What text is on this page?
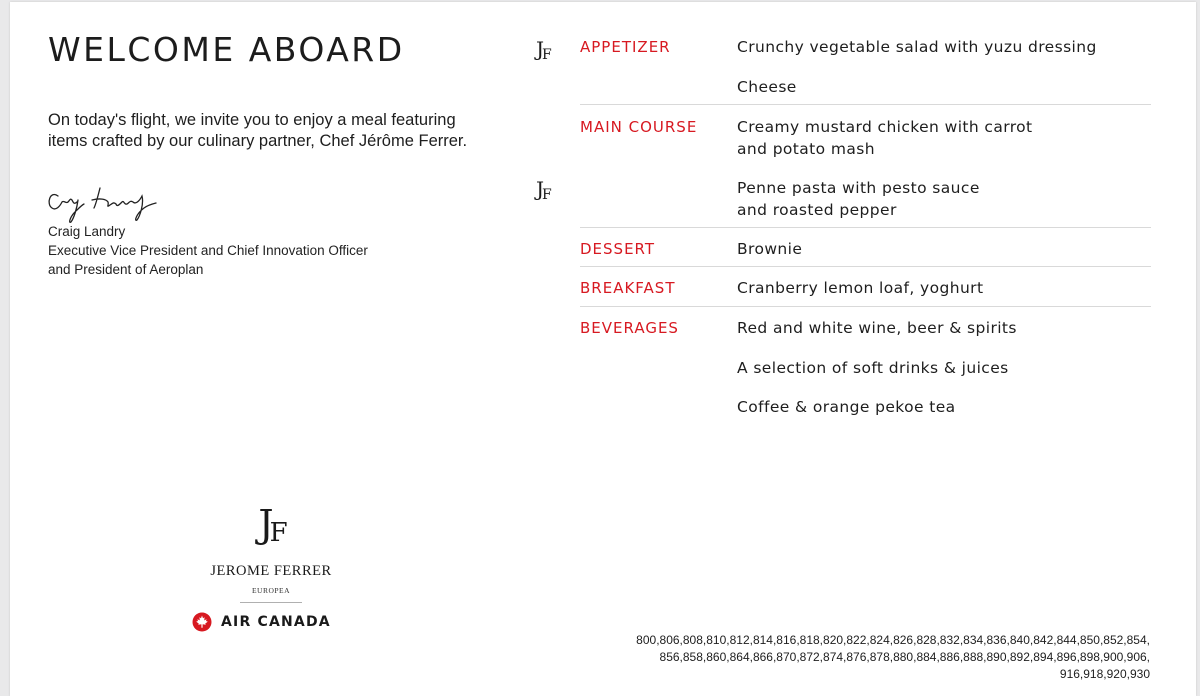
WELCOME ABOARD

On today's flight, we invite you to enjoy a meal featuring items crafted by our culinary partner, Chef Jérôme Ferrer.

Craig Landry
Executive Vice President and Chief Innovation Officer
and President of Aeroplan
JF
JEROME FERRER
EUROPEA
AIR CANADA
JF APPETIZER	Crunchy vegetable salad with yuzu dressing
Cheese
MAIN COURSE	Creamy mustard chicken with carrot
and potato mash
JF	Penne pasta with pesto sauce
and roasted pepper
DESSERT	Brownie
BREAKFAST	Cranberry lemon loaf, yoghurt
BEVERAGES	Red and white wine, beer & spirits
A selection of soft drinks & juices
Coffee & orange pekoe tea
800,806,808,810,812,814,816,818,820,822,824,826,828,832,834,836,840,842,844,850,852,854,
856,858,860,864,866,870,872,874,876,878,880,884,886,888,890,892,894,896,898,900,906,
916,918,920,930
